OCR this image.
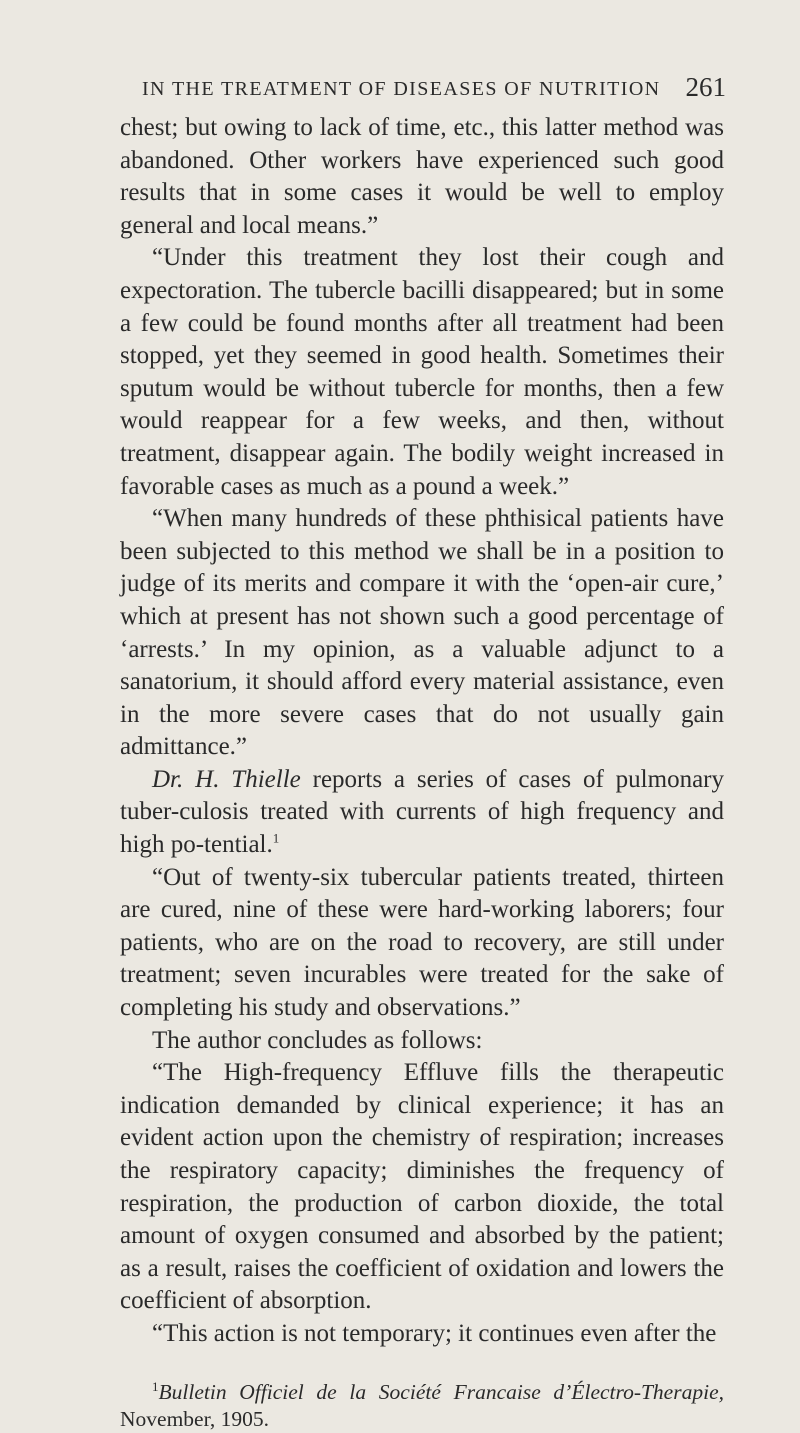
IN THE TREATMENT OF DISEASES OF NUTRITION 261

chest; but owing to lack of time, etc., this latter method was abandoned. Other workers have experienced such good results that in some cases it would be well to employ general and local means.”

“Under this treatment they lost their cough and expectoration. The tubercle bacilli disappeared; but in some a few could be found months after all treatment had been stopped, yet they seemed in good health. Sometimes their sputum would be without tubercle for months, then a few would reappear for a few weeks, and then, without treatment, disappear again. The bodily weight increased in favorable cases as much as a pound a week.”

“When many hundreds of these phthisical patients have been subjected to this method we shall be in a position to judge of its merits and compare it with the ‘open-air cure,’ which at present has not shown such a good percentage of ‘arrests.’ In my opinion, as a valuable adjunct to a sanatorium, it should afford every material assistance, even in the more severe cases that do not usually gain admittance.”

Dr. H. Thielle reports a series of cases of pulmonary tuber-culosis treated with currents of high frequency and high po-tential.$^1$

“Out of twenty-six tubercular patients treated, thirteen are cured, nine of these were hard-working laborers; four patients, who are on the road to recovery, are still under treatment; seven incurables were treated for the sake of completing his study and observations.”

The author concludes as follows:

“The High-frequency Effluve fills the therapeutic indication demanded by clinical experience; it has an evident action upon the chemistry of respiration; increases the respiratory capacity; diminishes the frequency of respiration, the production of carbon dioxide, the total amount of oxygen consumed and absorbed by the patient; as a result, raises the coefficient of oxidation and lowers the coefficient of absorption.

“This action is not temporary; it continues even after the

$^1$Bulletin Officiel de la Société Francaise d’Électro-Therapie, November, 1905.
